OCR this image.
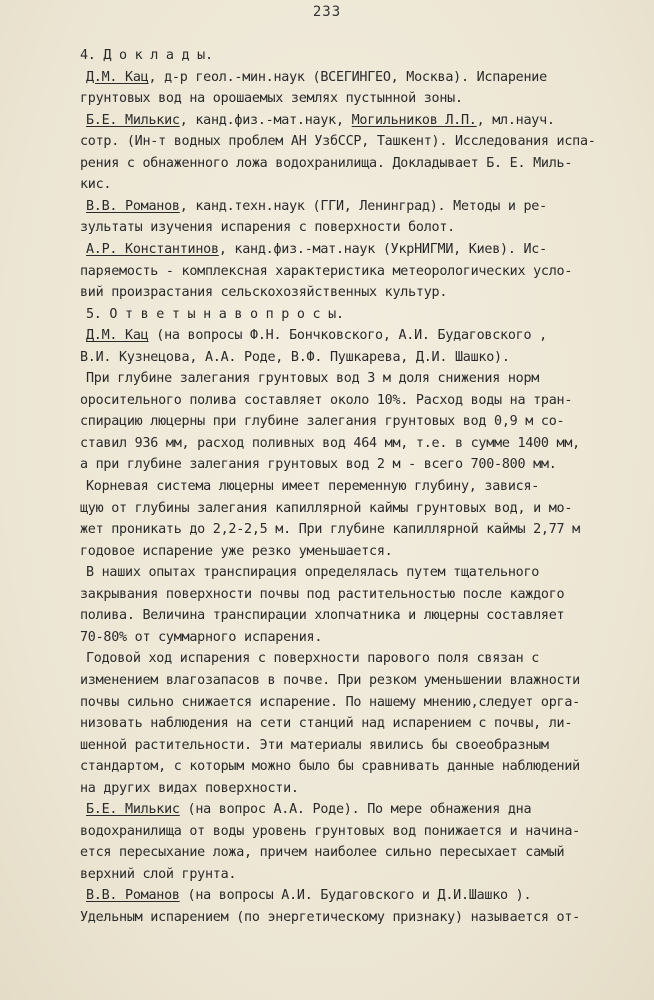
233
4. Д о к л а д ы.
Д.М. Кац, д-р геол.-мин.наук (ВСЕГИНГЕО, Москва). Испарение
грунтовых вод на орошаемых землях пустынной зоны.
Б.Е. Милькис, канд.физ.-мат.наук, Могильников Л.П., мл.науч.
сотр. (Ин-т водных проблем АН УзбССР, Ташкент). Исследования испа-
рения с обнаженного ложа водохранилища. Докладывает Б. Е. Миль-
кис.
В.В. Романов, канд.техн.наук (ГГИ, Ленинград). Методы и ре-
зультаты изучения испарения с поверхности болот.
А.Р. Константинов, канд.физ.-мат.наук (УкрНИГМИ, Киев). Ис-
паряемость - комплексная характеристика метеорологических усло-
вий произрастания сельскохозяйственных культур.
5. О т в е т ы н а в о п р о с ы.
Д.М. Кац (на вопросы Ф.Н. Бончковского, А.И. Будаговского ,
В.И. Кузнецова, А.А. Роде, В.Ф. Пушкарева, Д.И. Шашко).
При глубине залегания грунтовых вод 3 м доля снижения норм
оросительного полива составляет около 10%. Расход воды на тран-
спирацию люцерны при глубине залегания грунтовых вод 0,9 м со-
ставил 936 мм, расход поливных вод 464 мм, т.е. в сумме 1400 мм,
а при глубине залегания грунтовых вод 2 м - всего 700-800 мм.
Корневая система люцерны имеет переменную глубину, завися-
щую от глубины залегания капиллярной каймы грунтовых вод, и мо-
жет проникать до 2,2-2,5 м. При глубине капиллярной каймы 2,77 м
годовое испарение уже резко уменьшается.
В наших опытах транспирация определялась путем тщательного
закрывания поверхности почвы под растительностью после каждого
полива. Величина транспирации хлопчатника и люцерны составляет
70-80% от суммарного испарения.
Годовой ход испарения с поверхности парового поля связан с
изменением влагозапасов в почве. При резком уменьшении влажности
почвы сильно снижается испарение. По нашему мнению,следует орга-
низовать наблюдения на сети станций над испарением с почвы, ли-
шенной растительности. Эти материалы явились бы своеобразным
стандартом, с которым можно было бы сравнивать данные наблюдений
на других видах поверхности.
Б.Е. Милькис (на вопрос А.А. Роде). По мере обнажения дна
водохранилища от воды уровень грунтовых вод понижается и начина-
ется пересыхание ложа, причем наиболее сильно пересыхает самый
верхний слой грунта.
В.В. Романов (на вопросы А.И. Будаговского и Д.И.Шашко ).
Удельным испарением (по энергетическому признаку) называется от-
